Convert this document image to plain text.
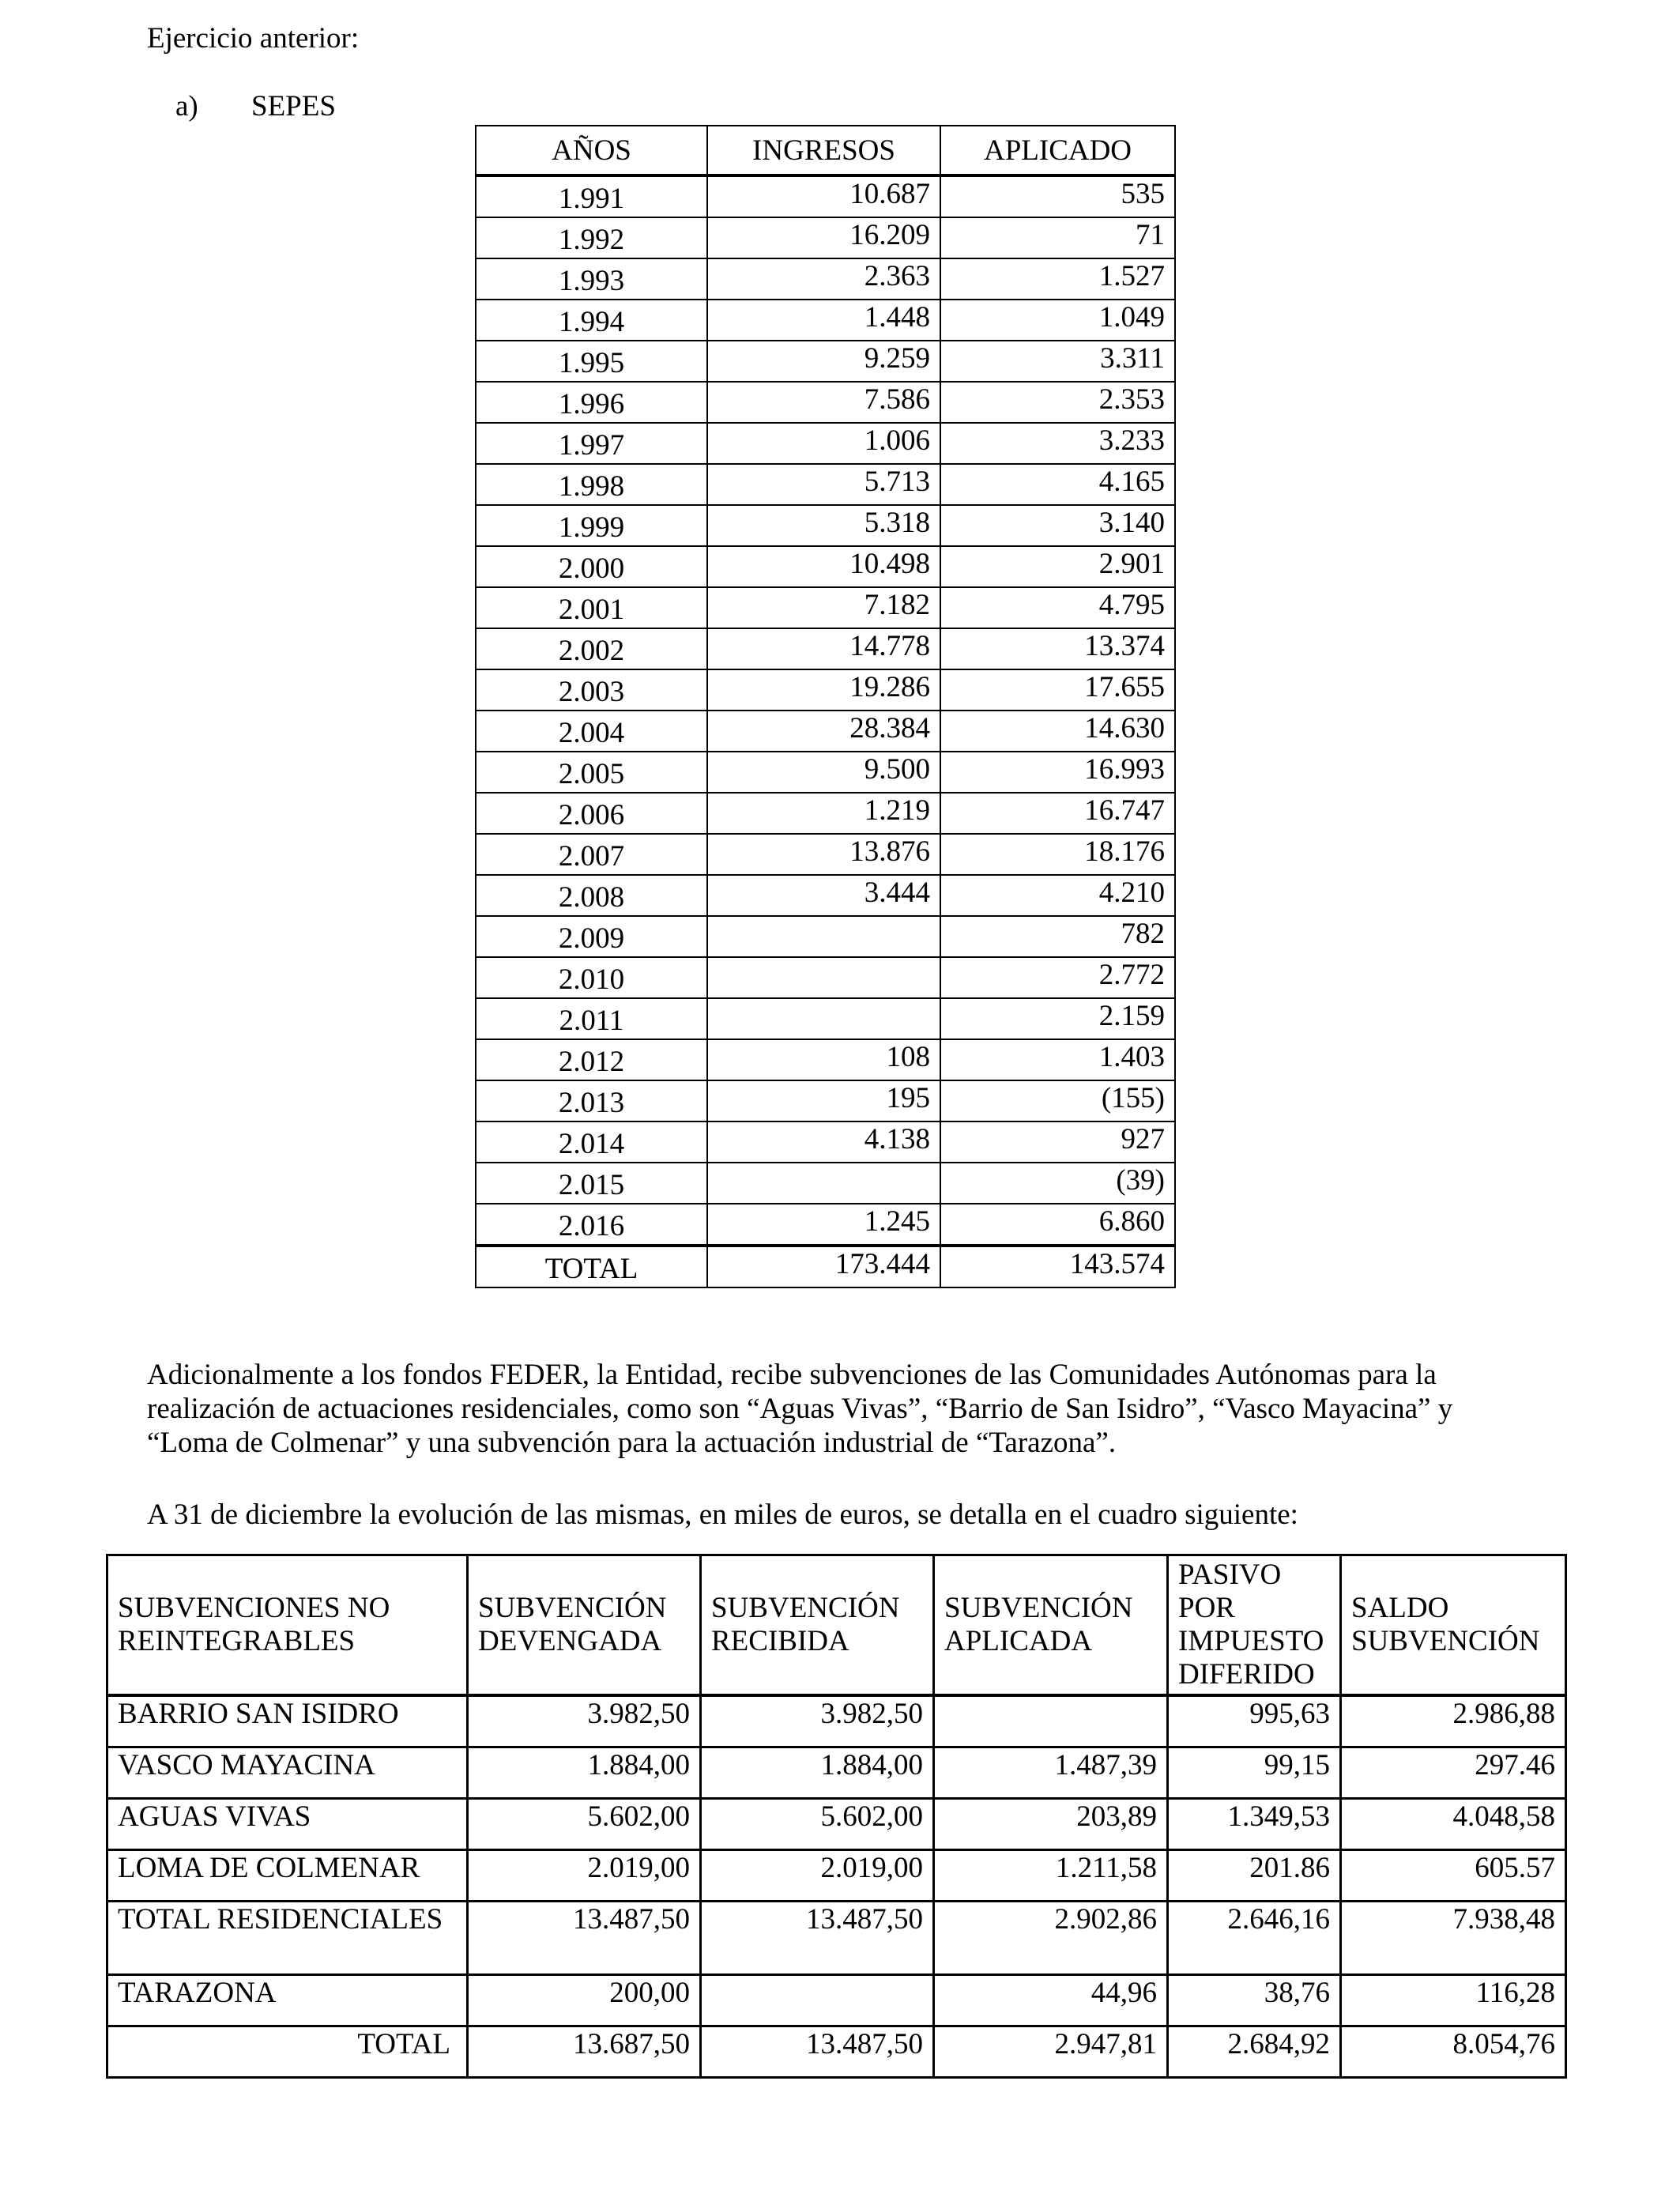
Ejercicio anterior:
a) SEPES
AÑOS	INGRESOS	APLICADO
1.991	10.687	535
1.992	16.209	71
1.993	2.363	1.527
1.994	1.448	1.049
1.995	9.259	3.311
1.996	7.586	2.353
1.997	1.006	3.233
1.998	5.713	4.165
1.999	5.318	3.140
2.000	10.498	2.901
2.001	7.182	4.795
2.002	14.778	13.374
2.003	19.286	17.655
2.004	28.384	14.630
2.005	9.500	16.993
2.006	1.219	16.747
2.007	13.876	18.176
2.008	3.444	4.210
2.009		782
2.010		2.772
2.011		2.159
2.012	108	1.403
2.013	195	(155)
2.014	4.138	927
2.015		(39)
2.016	1.245	6.860
TOTAL	173.444	143.574
Adicionalmente a los fondos FEDER, la Entidad, recibe subvenciones de las Comunidades Autónomas para la
realización de actuaciones residenciales, como son “Aguas Vivas”, “Barrio de San Isidro”, “Vasco Mayacina” y
“Loma de Colmenar” y una subvención para la actuación industrial de “Tarazona”.
A 31 de diciembre la evolución de las mismas, en miles de euros, se detalla en el cuadro siguiente:
SUBVENCIONES NO REINTEGRABLES	SUBVENCIÓN DEVENGADA	SUBVENCIÓN RECIBIDA	SUBVENCIÓN APLICADA	PASIVO POR IMPUESTO DIFERIDO	SALDO SUBVENCIÓN
BARRIO SAN ISIDRO	3.982,50	3.982,50		995,63	2.986,88
VASCO MAYACINA	1.884,00	1.884,00	1.487,39	99,15	297.46
AGUAS VIVAS	5.602,00	5.602,00	203,89	1.349,53	4.048,58
LOMA DE COLMENAR	2.019,00	2.019,00	1.211,58	201.86	605.57
TOTAL RESIDENCIALES	13.487,50	13.487,50	2.902,86	2.646,16	7.938,48
TARAZONA	200,00		44,96	38,76	116,28
TOTAL	13.687,50	13.487,50	2.947,81	2.684,92	8.054,76
